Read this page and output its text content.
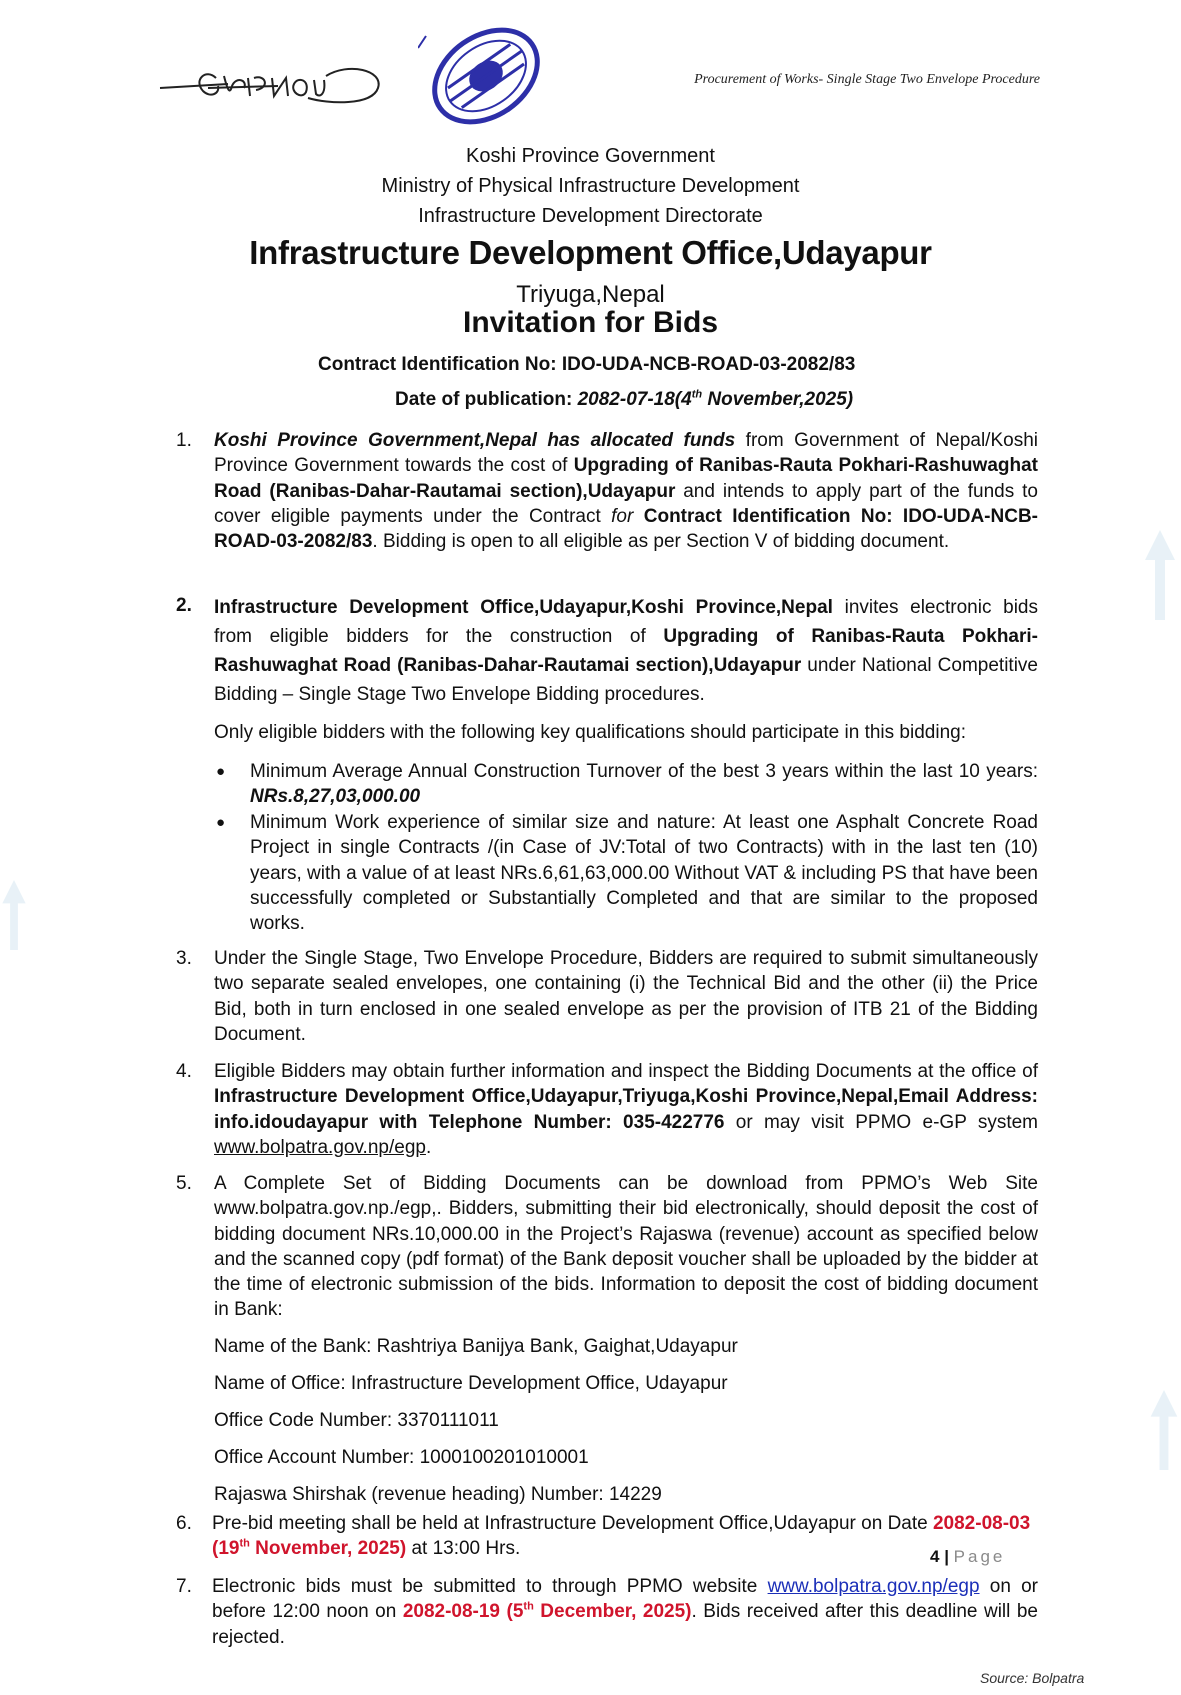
GRENOU
Procurement of Works- Single Stage Two Envelope Procedure
Koshi Province Government
Ministry of Physical Infrastructure Development
Infrastructure Development Directorate
Infrastructure Development Office,Udayapur
Triyuga,Nepal
Invitation for Bids
Contract Identification No: IDO-UDA-NCB-ROAD-03-2082/83
Date of publication: 2082-07-18(4th November,2025)
1. Koshi Province Government,Nepal has allocated funds from Government of Nepal/Koshi Province Government towards the cost of Upgrading of Ranibas-Rauta Pokhari-Rashuwaghat Road (Ranibas-Dahar-Rautamai section),Udayapur and intends to apply part of the funds to cover eligible payments under the Contract for Contract Identification No: IDO-UDA-NCB-ROAD-03-2082/83. Bidding is open to all eligible as per Section V of bidding document.
2. Infrastructure Development Office,Udayapur,Koshi Province,Nepal invites electronic bids from eligible bidders for the construction of Upgrading of Ranibas-Rauta Pokhari-Rashuwaghat Road (Ranibas-Dahar-Rautamai section),Udayapur under National Competitive Bidding – Single Stage Two Envelope Bidding procedures.
Only eligible bidders with the following key qualifications should participate in this bidding:
● Minimum Average Annual Construction Turnover of the best 3 years within the last 10 years: NRs.8,27,03,000.00
● Minimum Work experience of similar size and nature: At least one Asphalt Concrete Road Project in single Contracts /(in Case of JV:Total of two Contracts) with in the last ten (10) years, with a value of at least NRs.6,61,63,000.00 Without VAT & including PS that have been successfully completed or Substantially Completed and that are similar to the proposed works.
3. Under the Single Stage, Two Envelope Procedure, Bidders are required to submit simultaneously two separate sealed envelopes, one containing (i) the Technical Bid and the other (ii) the Price Bid, both in turn enclosed in one sealed envelope as per the provision of ITB 21 of the Bidding Document.
4. Eligible Bidders may obtain further information and inspect the Bidding Documents at the office of Infrastructure Development Office,Udayapur,Triyuga,Koshi Province,Nepal,Email Address: info.idoudayapur with Telephone Number: 035-422776 or may visit PPMO e-GP system www.bolpatra.gov.np/egp.
5. A Complete Set of Bidding Documents can be download from PPMO’s Web Site www.bolpatra.gov.np./egp,. Bidders, submitting their bid electronically, should deposit the cost of bidding document NRs.10,000.00 in the Project’s Rajaswa (revenue) account as specified below and the scanned copy (pdf format) of the Bank deposit voucher shall be uploaded by the bidder at the time of electronic submission of the bids. Information to deposit the cost of bidding document in Bank:
Name of the Bank: Rashtriya Banijya Bank, Gaighat,Udayapur
Name of Office: Infrastructure Development Office, Udayapur
Office Code Number: 3370111011
Office Account Number: 1000100201010001
Rajaswa Shirshak (revenue heading) Number: 14229
6. Pre-bid meeting shall be held at Infrastructure Development Office,Udayapur on Date 2082-08-03
(19th November, 2025) at 13:00 Hrs.	4 | Page
7. Electronic bids must be submitted to through PPMO website www.bolpatra.gov.np/egp on or before 12:00 noon on 2082-08-19 (5th December, 2025). Bids received after this deadline will be rejected.
Source: Bolpatra
